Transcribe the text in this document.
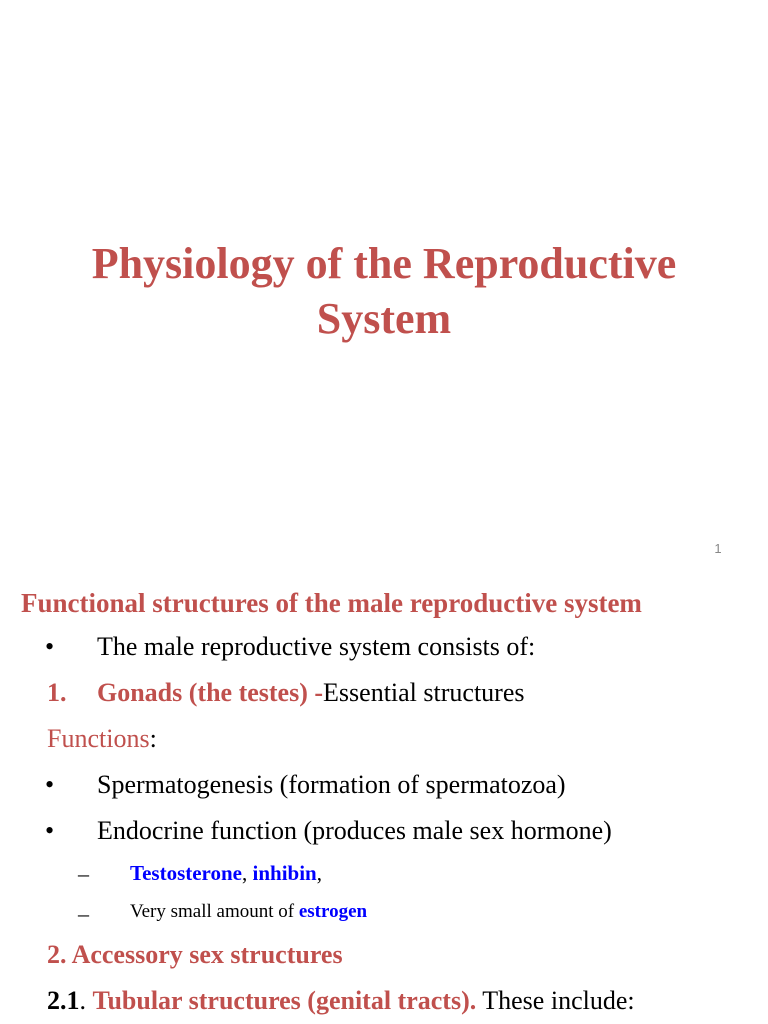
Physiology of the Reproductive System
1
Functional structures of the male reproductive system
• The male reproductive system consists of:
1. Gonads (the testes) -Essential structures
Functions:
• Spermatogenesis (formation of spermatozoa)
• Endocrine function (produces male sex hormone)
– Testosterone, inhibin,
– Very small amount of estrogen
2. Accessory sex structures
2.1. Tubular structures (genital tracts). These include:
